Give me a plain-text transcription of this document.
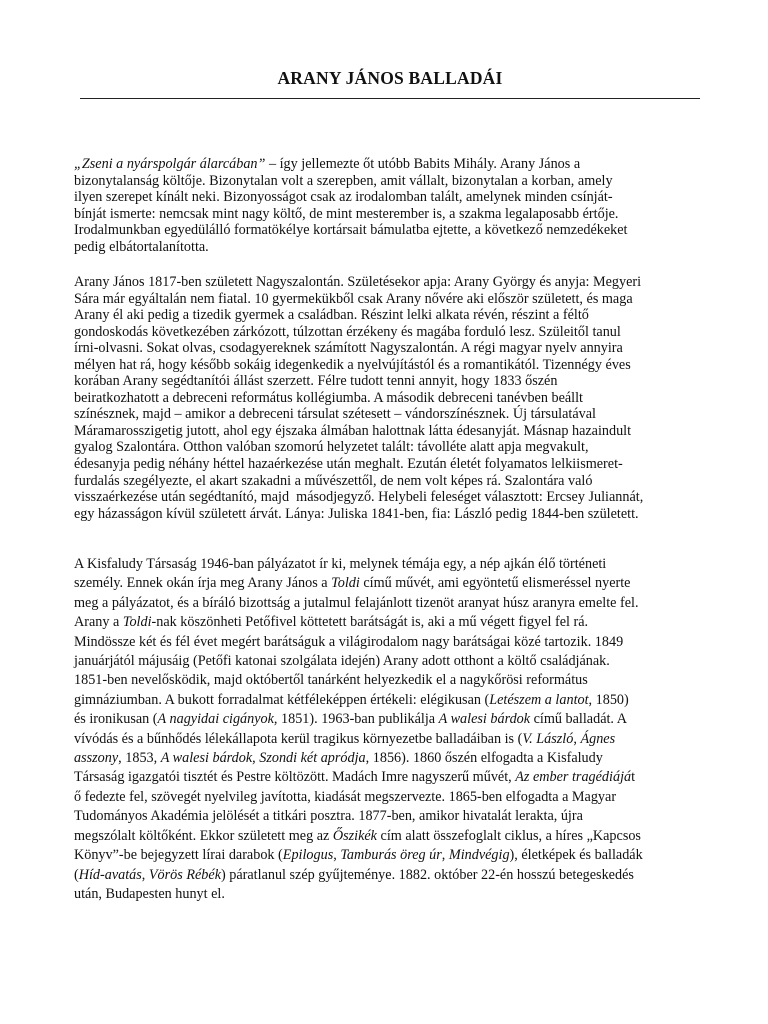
ARANY JÁNOS BALLADÁI
„Zseni a nyárspolgár álarcában” – így jellemezte őt utóbb Babits Mihály. Arany János a
bizonytalanság költője. Bizonytalan volt a szerepben, amit vállalt, bizonytalan a korban, amely
ilyen szerepet kínált neki. Bizonyosságot csak az irodalomban talált, amelynek minden csínját-
bínját ismerte: nemcsak mint nagy költő, de mint mesterember is, a szakma legalaposabb értője.
Irodalmunkban egyedülálló formatökélye kortársait bámulatba ejtette, a következő nemzedékeket
pedig elbátortalanította.
Arany János 1817-ben született Nagyszalontán. Születésekor apja: Arany György és anyja: Megyeri
Sára már egyáltalán nem fiatal. 10 gyermekükből csak Arany nővére aki először született, és maga
Arany él aki pedig a tizedik gyermek a családban. Részint lelki alkata révén, részint a féltő
gondoskodás következében zárkózott, túlzottan érzékeny és magába forduló lesz. Szüleitől tanul
írni-olvasni. Sokat olvas, csodagyereknek számított Nagyszalontán. A régi magyar nyelv annyira
mélyen hat rá, hogy később sokáig idegenkedik a nyelvújítástól és a romantikától. Tizennégy éves
korában Arany segédtanítói állást szerzett. Félre tudott tenni annyit, hogy 1833 őszén
beiratkozhatott a debreceni református kollégiumba. A második debreceni tanévben beállt
színésznek, majd – amikor a debreceni társulat szétesett – vándorszínésznek. Új társulatával
Máramarosszigetig jutott, ahol egy éjszaka álmában halottnak látta édesanyját. Másnap hazaindult
gyalog Szalontára. Otthon valóban szomorú helyzetet talált: távolléte alatt apja megvakult,
édesanyja pedig néhány héttel hazaérkezése után meghalt. Ezután életét folyamatos lelkiismeret-
furdalás szegélyezte, el akart szakadni a művészettől, de nem volt képes rá. Szalontára való
visszaérkezése után segédtanító, majd  másodjegyző. Helybeli feleséget választott: Ercsey Juliannát,
egy házasságon kívül született árvát. Lánya: Juliska 1841-ben, fia: László pedig 1844-ben született.
A Kisfaludy Társaság 1946-ban pályázatot ír ki, melynek témája egy, a nép ajkán élő történeti
személy. Ennek okán írja meg Arany János a Toldi című művét, ami egyöntetű elismeréssel nyerte
meg a pályázatot, és a bíráló bizottság a jutalmul felajánlott tizenöt aranyat húsz aranyra emelte fel.
Arany a Toldi-nak köszönheti Petőfivel köttetett barátságát is, aki a mű végett figyel fel rá.
Mindössze két és fél évet megért barátságuk a világirodalom nagy barátságai közé tartozik. 1849
januárjától májusáig (Petőfi katonai szolgálata idején) Arany adott otthont a költő családjának.
1851-ben nevelősködik, majd októbertől tanárként helyezkedik el a nagykőrösi református
gimnáziumban. A bukott forradalmat kétféleképpen értékeli: elégikusan (Letészem a lantot, 1850)
és ironikusan (A nagyidai cigányok, 1851). 1963-ban publikálja A walesi bárdok című balladát. A
vívódás és a bűnhődés lélekállapota kerül tragikus környezetbe balladáiban is (V. László, Ágnes
asszony, 1853, A walesi bárdok, Szondi két apródja, 1856). 1860 őszén elfogadta a Kisfaludy
Társaság igazgatói tisztét és Pestre költözött. Madách Imre nagyszerű művét, Az ember tragédiáját
ő fedezte fel, szövegét nyelvileg javította, kiadását megszervezte. 1865-ben elfogadta a Magyar
Tudományos Akadémia jelölését a titkári posztra. 1877-ben, amikor hivatalát lerakta, újra
megszólalt költőként. Ekkor született meg az Őszikék cím alatt összefoglalt ciklus, a híres „Kapcsos
Könyv”-be bejegyzett lírai darabok (Epilogus, Tamburás öreg úr, Mindvégig), életképek és balladák
(Híd-avatás, Vörös Rébék) páratlanul szép gyűjteménye. 1882. október 22-én hosszú betegeskedés
után, Budapesten hunyt el.
